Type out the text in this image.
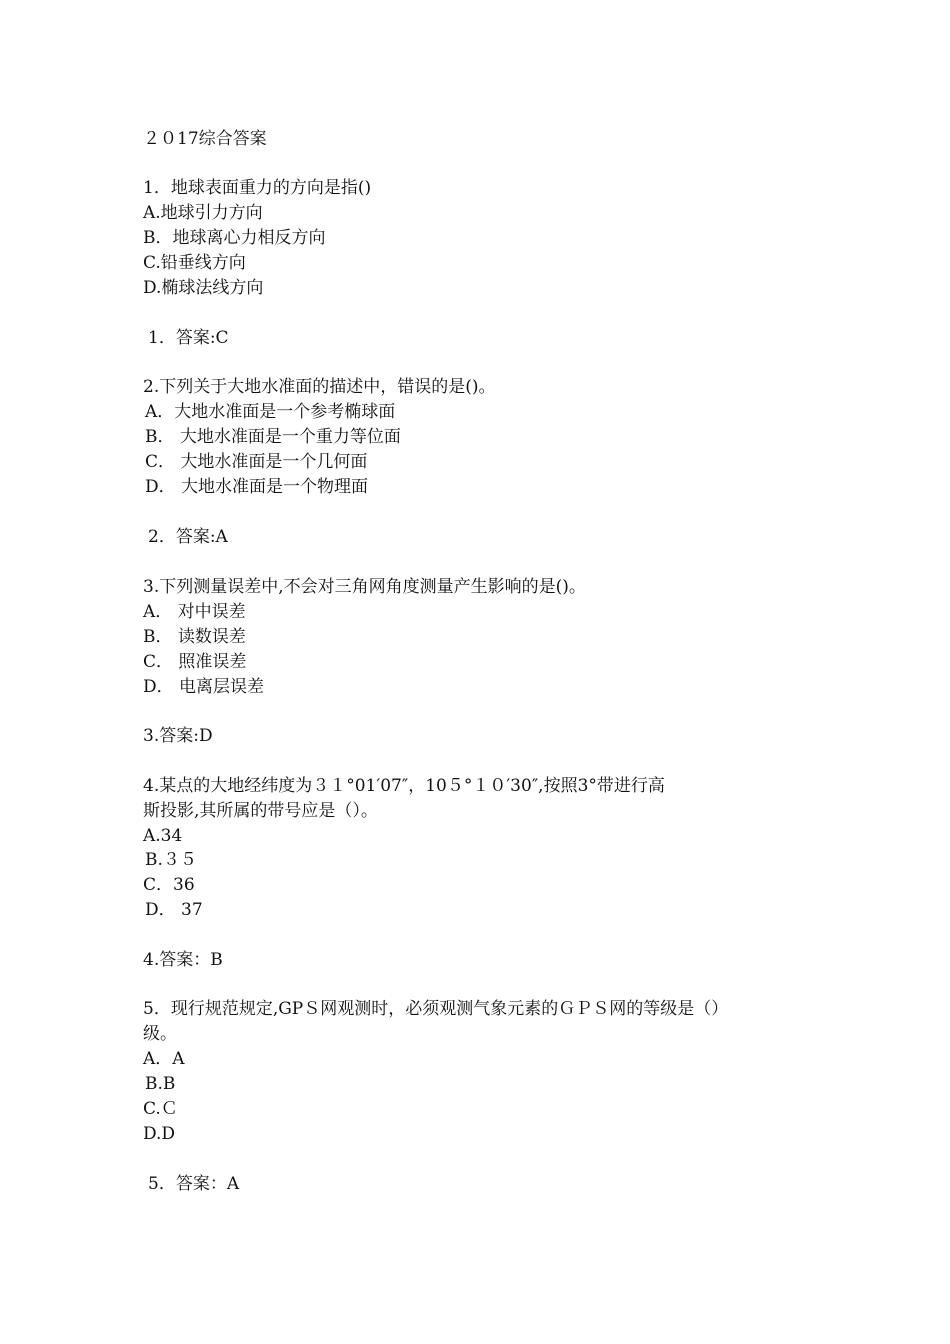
２０17综合答案
1．地球表面重力的方向是指()
A.地球引力方向
B．地球离心力相反方向
C.铅垂线方向
D.椭球法线方向
1．答案:C
2.下列关于大地水准面的描述中，错误的是()。
A．大地水准面是一个参考椭球面
B． 大地水准面是一个重力等位面
C． 大地水准面是一个几何面
D． 大地水准面是一个物理面
2．答案:A
3.下列测量误差中,不会对三角网角度测量产生影响的是()。
A． 对中误差
B． 读数误差
C． 照准误差
D． 电离层误差
3.答案:D
4.某点的大地经纬度为３１°01′07″，10５°１０′30″,按照3°带进行高
斯投影,其所属的带号应是（）。
A.34
B.３５
C．36
D． 37
4.答案：B
5．现行规范规定,GPＳ网观测时，必须观测气象元素的ＧＰＳ网的等级是（）
级。
A．A
B.B
C.Ｃ
D.D
5．答案：A
